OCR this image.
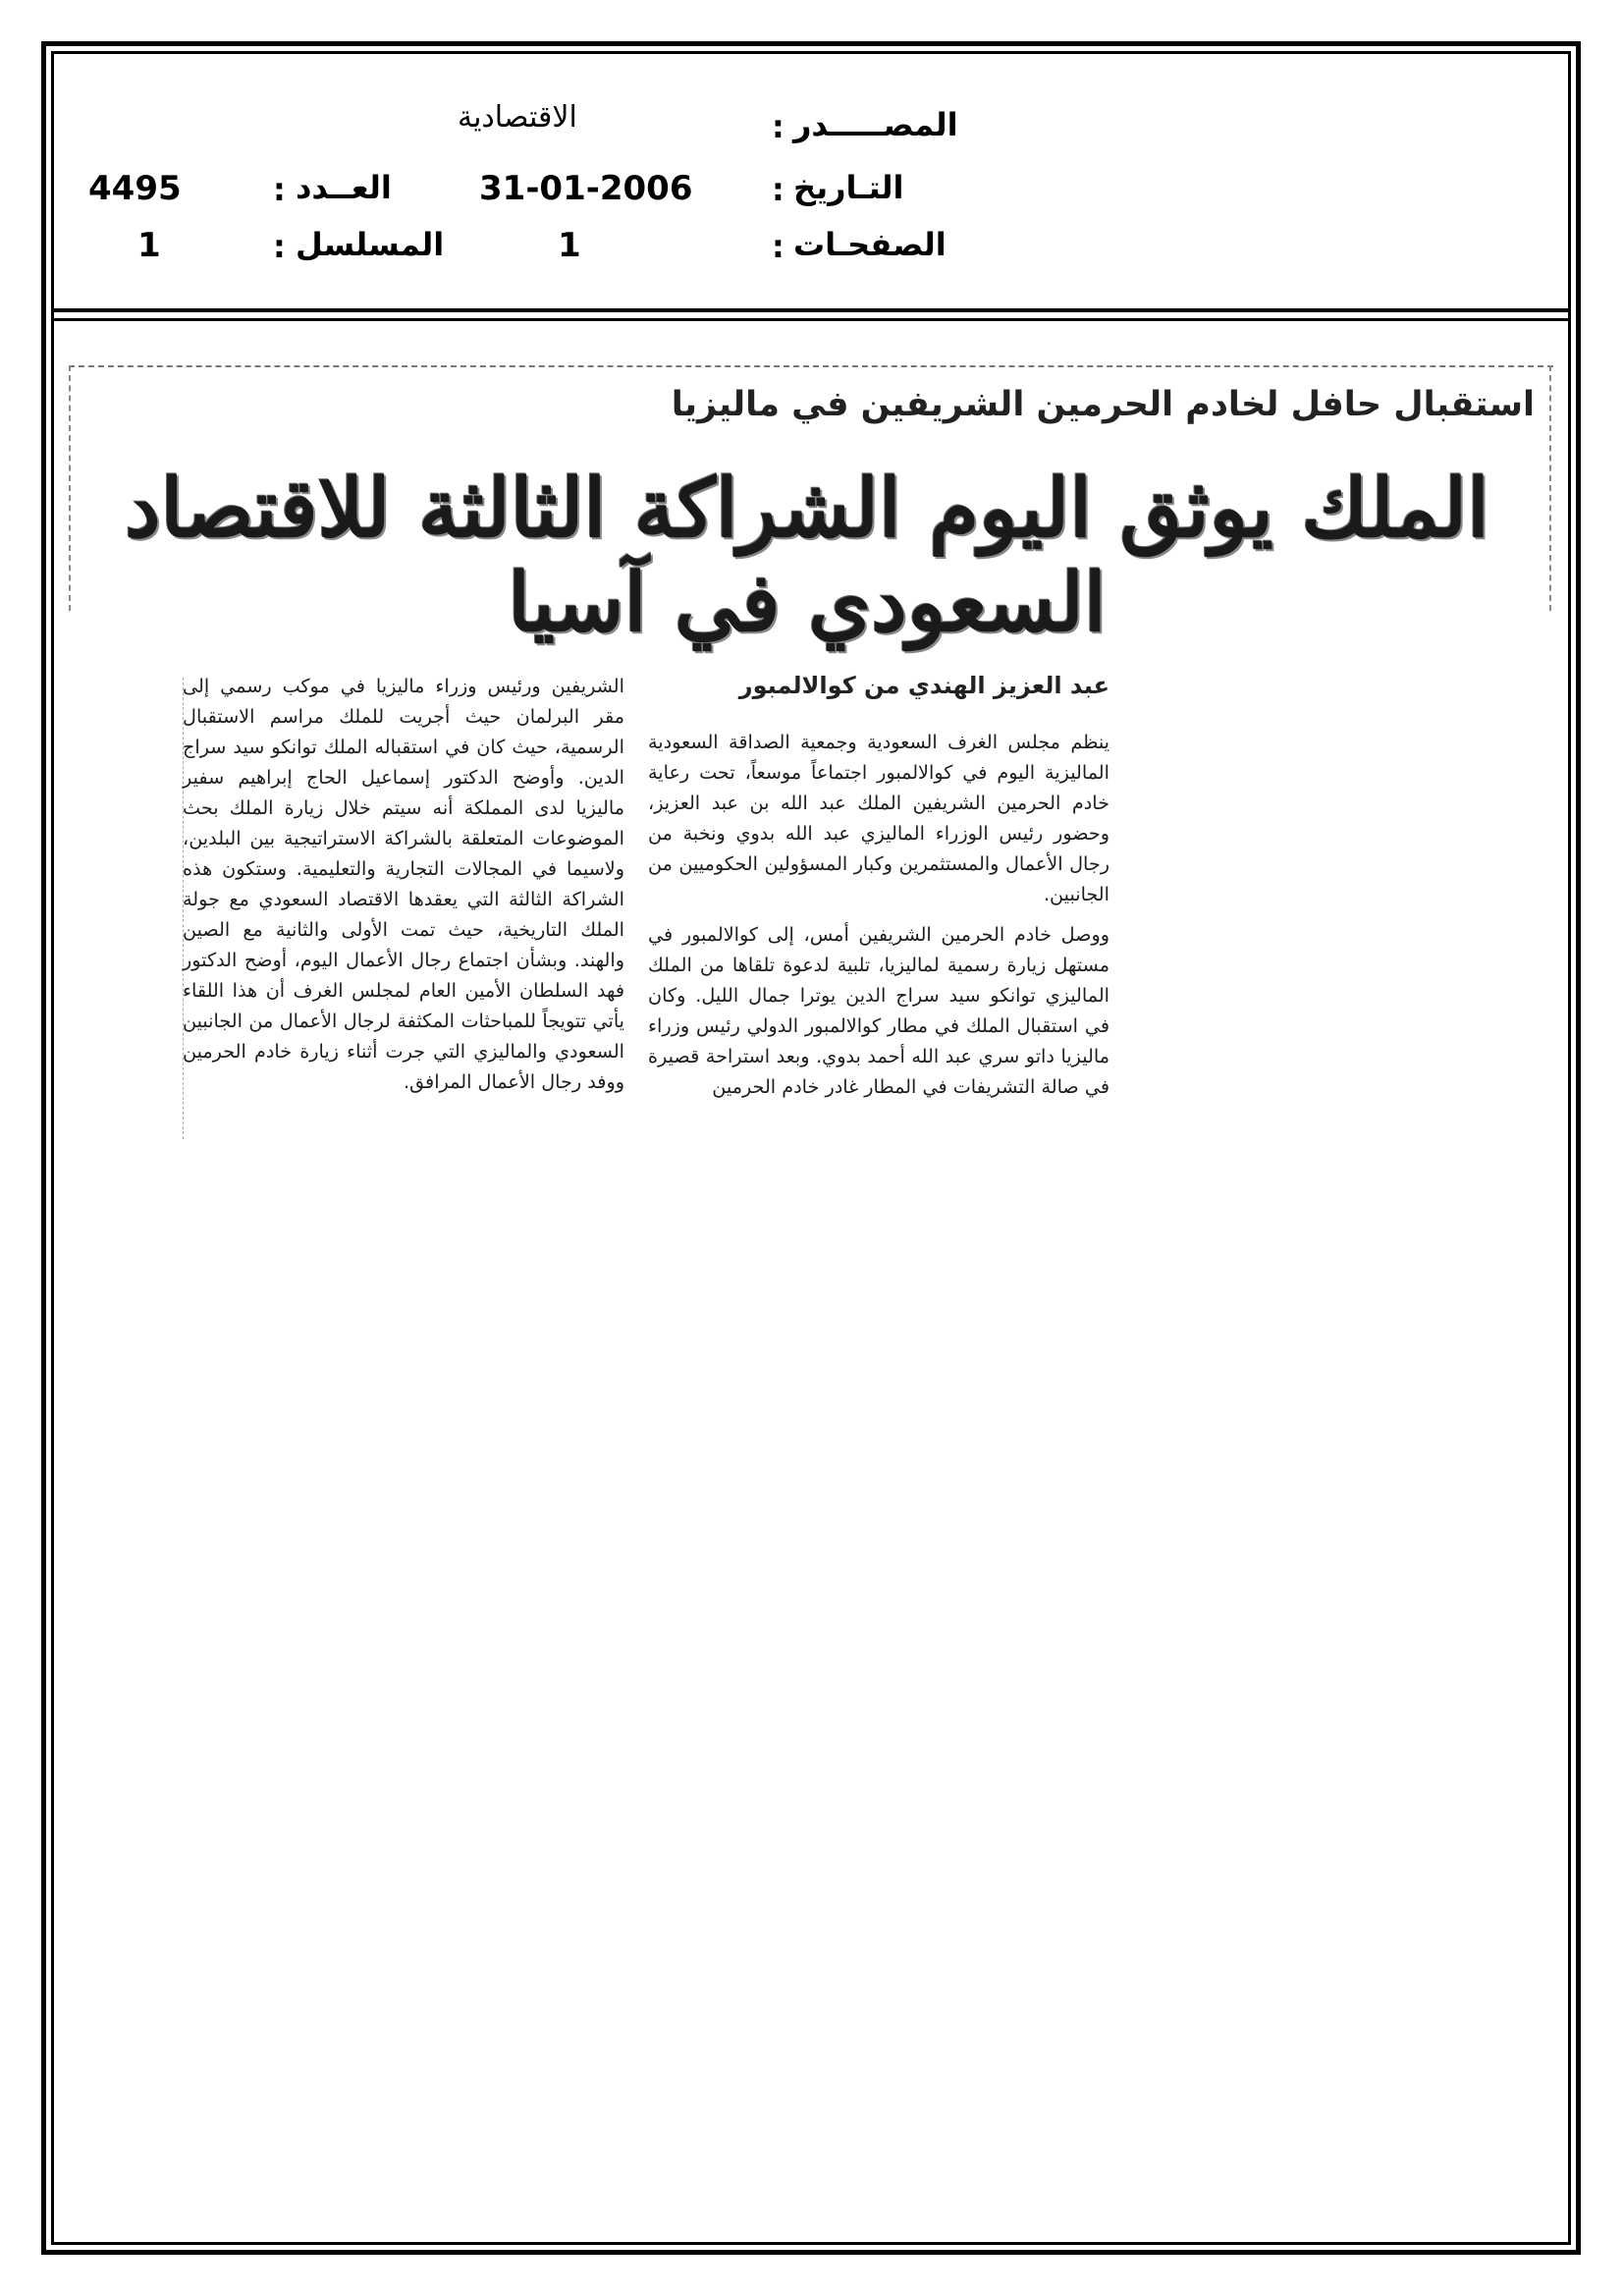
المصـــــدر
:
الاقتصادية
التـاريخ
:
31-01-2006
العــدد
:
4495
الصفحـات
:
1
المسلسل
:
1
استقبال حافل لخادم الحرمين الشريفين في ماليزيا
الملك يوثق اليوم الشراكة الثالثة للاقتصاد السعودي في آسيا
عبد العزيز الهندي من كوالالمبور

ينظم مجلس الغرف السعودية وجمعية الصداقة السعودية الماليزية اليوم في كوالالمبور اجتماعاً موسعاً، تحت رعاية خادم الحرمين الشريفين الملك عبد الله بن عبد العزيز، وحضور رئيس الوزراء الماليزي عبد الله بدوي ونخبة من رجال الأعمال والمستثمرين وكبار المسؤولين الحكوميين من الجانبين.

ووصل خادم الحرمين الشريفين أمس، إلى كوالالمبور في مستهل زيارة رسمية لماليزيا، تلبية لدعوة تلقاها من الملك الماليزي توانكو سيد سراج الدين يوترا جمال الليل. وكان في استقبال الملك في مطار كوالالمبور الدولي رئيس وزراء ماليزيا داتو سري عبد الله أحمد بدوي. وبعد استراحة قصيرة في صالة التشريفات في المطار غادر خادم الحرمين

الشريفين ورئيس وزراء ماليزيا في موكب رسمي إلى مقر البرلمان حيث أجريت للملك مراسم الاستقبال الرسمية، حيث كان في استقباله الملك توانكو سيد سراج الدين. وأوضح الدكتور إسماعيل الحاج إبراهيم سفير ماليزيا لدى المملكة أنه سيتم خلال زيارة الملك بحث الموضوعات المتعلقة بالشراكة الاستراتيجية بين البلدين، ولاسيما في المجالات التجارية والتعليمية. وستكون هذه الشراكة الثالثة التي يعقدها الاقتصاد السعودي مع جولة الملك التاريخية، حيث تمت الأولى والثانية مع الصين والهند. وبشأن اجتماع رجال الأعمال اليوم، أوضح الدكتور فهد السلطان الأمين العام لمجلس الغرف أن هذا اللقاء يأتي تتويجاً للمباحثات المكثفة لرجال الأعمال من الجانبين السعودي والماليزي التي جرت أثناء زيارة خادم الحرمين ووفد رجال الأعمال المرافق.
